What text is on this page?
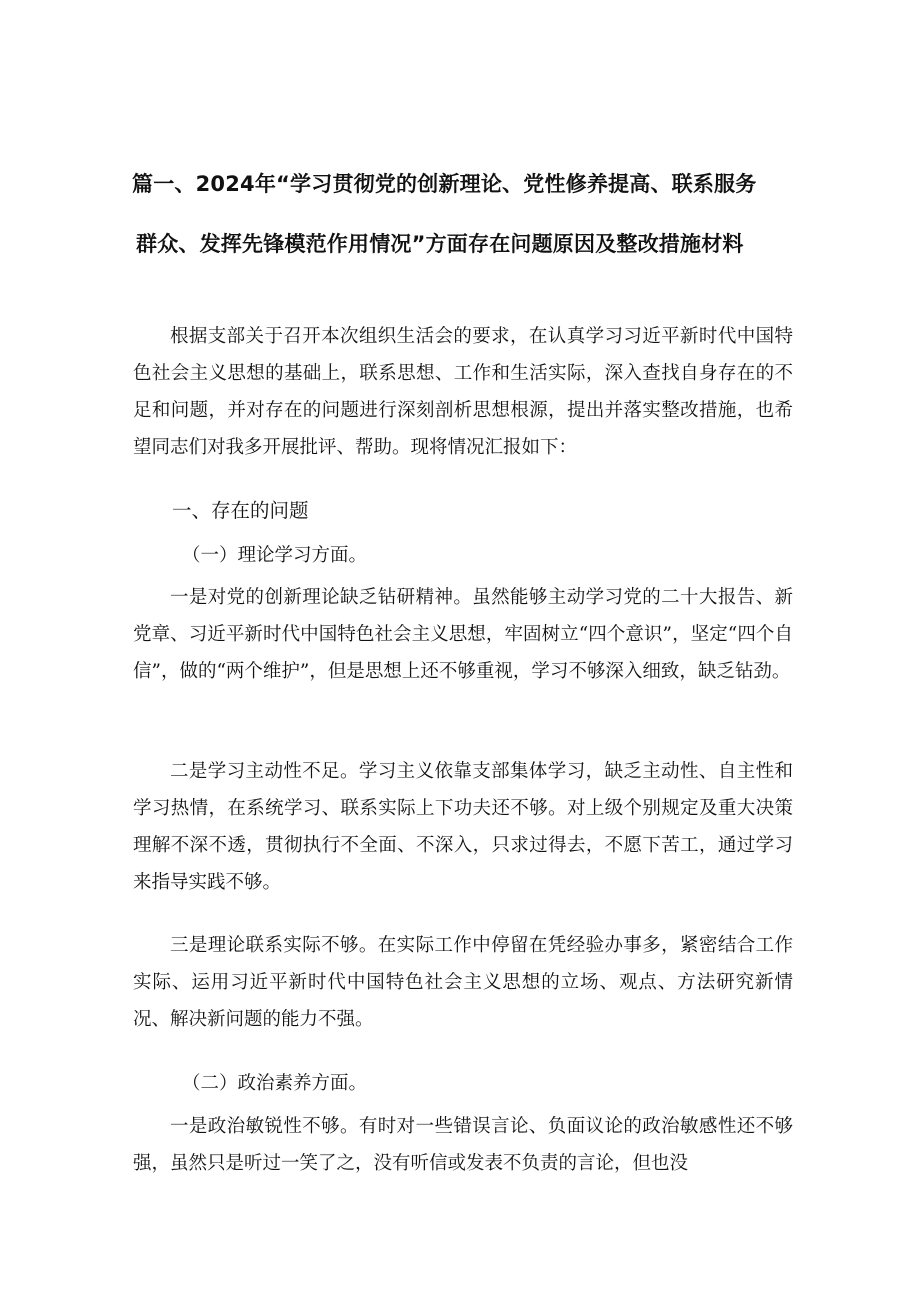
篇一、2024年“学习贯彻党的创新理论、党性修养提高、联系服务
群众、发挥先锋模范作用情况”方面存在问题原因及整改措施材料

根据支部关于召开本次组织生活会的要求，在认真学习习近平新时代中国特色社会主义思想的基础上，联系思想、工作和生活实际，深入查找自身存在的不足和问题，并对存在的问题进行深刻剖析思想根源，提出并落实整改措施，也希望同志们对我多开展批评、帮助。现将情况汇报如下：

一、存在的问题

（一）理论学习方面。

一是对党的创新理论缺乏钻研精神。虽然能够主动学习党的二十大报告、新党章、习近平新时代中国特色社会主义思想，牢固树立“四个意识”，坚定“四个自信”，做的“两个维护”，但是思想上还不够重视，学习不够深入细致，缺乏钻劲。

二是学习主动性不足。学习主义依靠支部集体学习，缺乏主动性、自主性和学习热情，在系统学习、联系实际上下功夫还不够。对上级个别规定及重大决策理解不深不透，贯彻执行不全面、不深入，只求过得去，不愿下苦工，通过学习来指导实践不够。

三是理论联系实际不够。在实际工作中停留在凭经验办事多，紧密结合工作实际、运用习近平新时代中国特色社会主义思想的立场、观点、方法研究新情况、解决新问题的能力不强。

（二）政治素养方面。

一是政治敏锐性不够。有时对一些错误言论、负面议论的政治敏感性还不够强，虽然只是听过一笑了之，没有听信或发表不负责的言论，但也没
